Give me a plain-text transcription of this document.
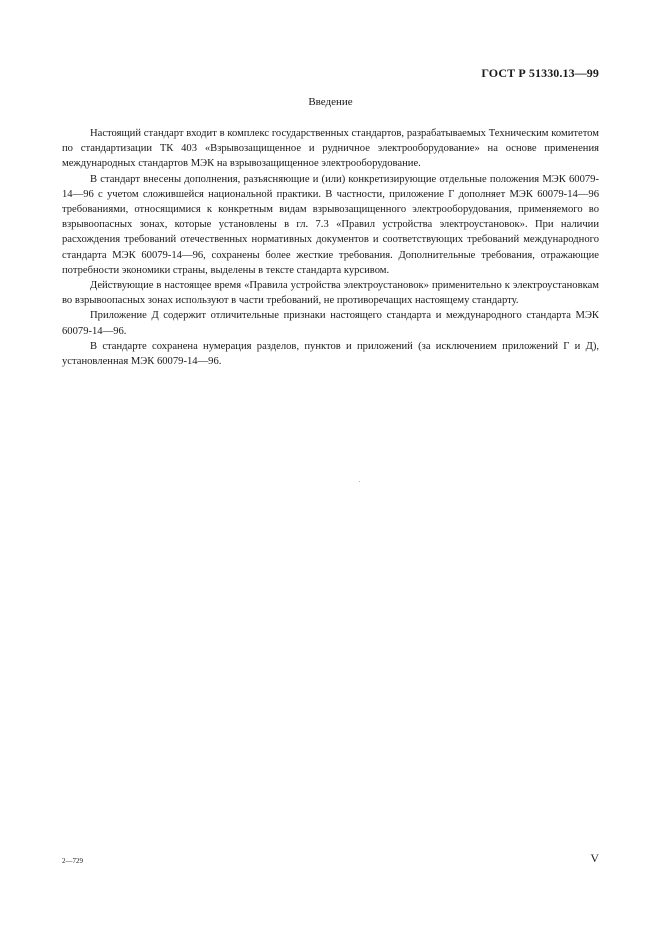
ГОСТ Р 51330.13—99
Введение

Настоящий стандарт входит в комплекс государственных стандартов, разрабатываемых Техническим комитетом по стандартизации ТК 403 «Взрывозащищенное и рудничное электрооборудование» на основе применения международных стандартов МЭК на взрывозащищенное электрооборудование.

В стандарт внесены дополнения, разъясняющие и (или) конкретизирующие отдельные положения МЭК 60079-14—96 с учетом сложившейся национальной практики. В частности, приложение Г дополняет МЭК 60079-14—96 требованиями, относящимися к конкретным видам взрывозащищенного электрооборудования, применяемого во взрывоопасных зонах, которые установлены в гл. 7.3 «Правил устройства электроустановок». При наличии расхождения требований отечественных нормативных документов и соответствующих требований международного стандарта МЭК 60079-14—96, сохранены более жесткие требования. Дополнительные требования, отражающие потребности экономики страны, выделены в тексте стандарта курсивом.

Действующие в настоящее время «Правила устройства электроустановок» применительно к электроустановкам во взрывоопасных зонах используют в части требований, не противоречащих настоящему стандарту.

Приложение Д содержит отличительные признаки настоящего стандарта и международного стандарта МЭК 60079-14—96.

В стандарте сохранена нумерация разделов, пунктов и приложений (за исключением приложений Г и Д), установленная МЭК 60079-14—96.

2—729	V
